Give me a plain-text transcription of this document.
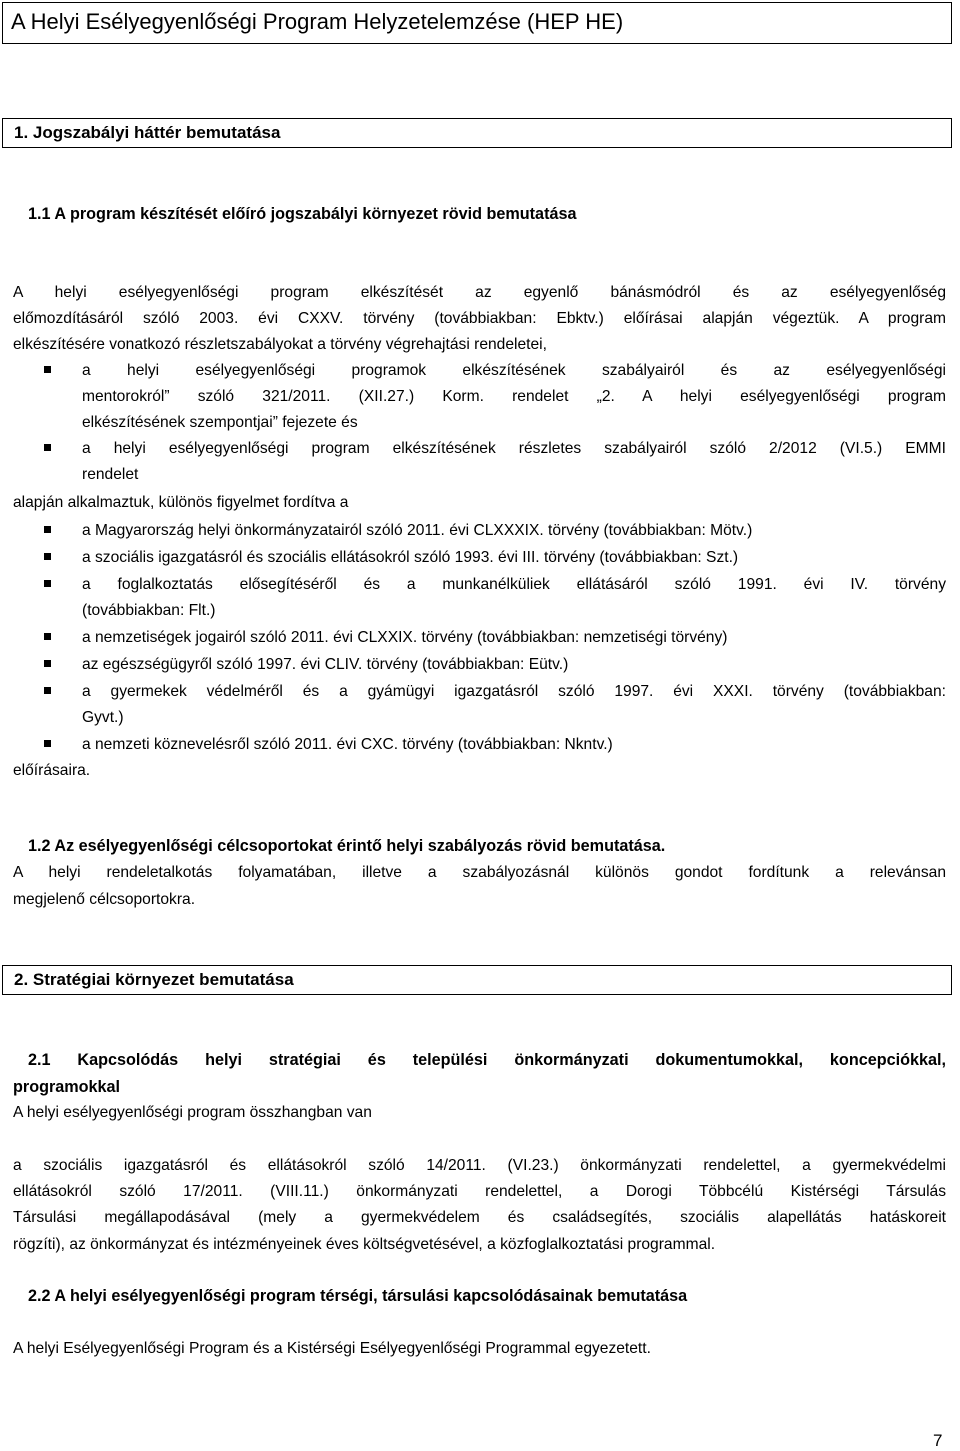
A Helyi Esélyegyenlőségi Program Helyzetelemzése (HEP HE)
1. Jogszabályi háttér bemutatása
1.1 A program készítését előíró jogszabályi környezet rövid bemutatása
A helyi esélyegyenlőségi program elkészítését az egyenlő bánásmódról és az esélyegyenlőség
előmozdításáról szóló 2003. évi CXXV. törvény (továbbiakban: Ebktv.) előírásai alapján végeztük. A program
elkészítésére vonatkozó részletszabályokat a törvény végrehajtási rendeletei,
a helyi esélyegyenlőségi programok elkészítésének szabályairól és az esélyegyenlőségi
mentorokról” szóló 321/2011. (XII.27.) Korm. rendelet „2. A helyi esélyegyenlőségi program
elkészítésének szempontjai” fejezete és
a helyi esélyegyenlőségi program elkészítésének részletes szabályairól szóló 2/2012 (VI.5.) EMMI
rendelet
alapján alkalmaztuk, különös figyelmet fordítva a
a Magyarország helyi önkormányzatairól szóló 2011. évi CLXXXIX. törvény (továbbiakban: Mötv.)
a szociális igazgatásról és szociális ellátásokról szóló 1993. évi III. törvény (továbbiakban: Szt.)
a foglalkoztatás elősegítéséről és a munkanélküliek ellátásáról szóló 1991. évi IV. törvény
(továbbiakban: Flt.)
a nemzetiségek jogairól szóló 2011. évi CLXXIX. törvény (továbbiakban: nemzetiségi törvény)
az egészségügyről szóló 1997. évi CLIV. törvény (továbbiakban: Eütv.)
a gyermekek védelméről és a gyámügyi igazgatásról szóló 1997. évi XXXI. törvény (továbbiakban:
Gyvt.)
a nemzeti köznevelésről szóló 2011. évi CXC. törvény (továbbiakban: Nkntv.)
előírásaira.
1.2 Az esélyegyenlőségi célcsoportokat érintő helyi szabályozás rövid bemutatása.
A helyi rendeletalkotás folyamatában, illetve a szabályozásnál különös gondot fordítunk a relevánsan
megjelenő célcsoportokra.
2. Stratégiai környezet bemutatása
2.1 Kapcsolódás helyi stratégiai és települési önkormányzati dokumentumokkal, koncepciókkal,
programokkal
A helyi esélyegyenlőségi program összhangban van
a szociális igazgatásról és ellátásokról szóló 14/2011. (VI.23.) önkormányzati rendelettel, a gyermekvédelmi
ellátásokról szóló 17/2011. (VIII.11.) önkormányzati rendelettel, a Dorogi Többcélú Kistérségi Társulás
Társulási megállapodásával (mely a gyermekvédelem és családsegítés, szociális alapellátás hatáskoreit
rögzíti), az önkormányzat és intézményeinek éves költségvetésével, a közfoglalkoztatási programmal.
2.2 A helyi esélyegyenlőségi program térségi, társulási kapcsolódásainak bemutatása
A helyi Esélyegyenlőségi Program és a Kistérségi Esélyegyenlőségi Programmal egyezetett.
7
